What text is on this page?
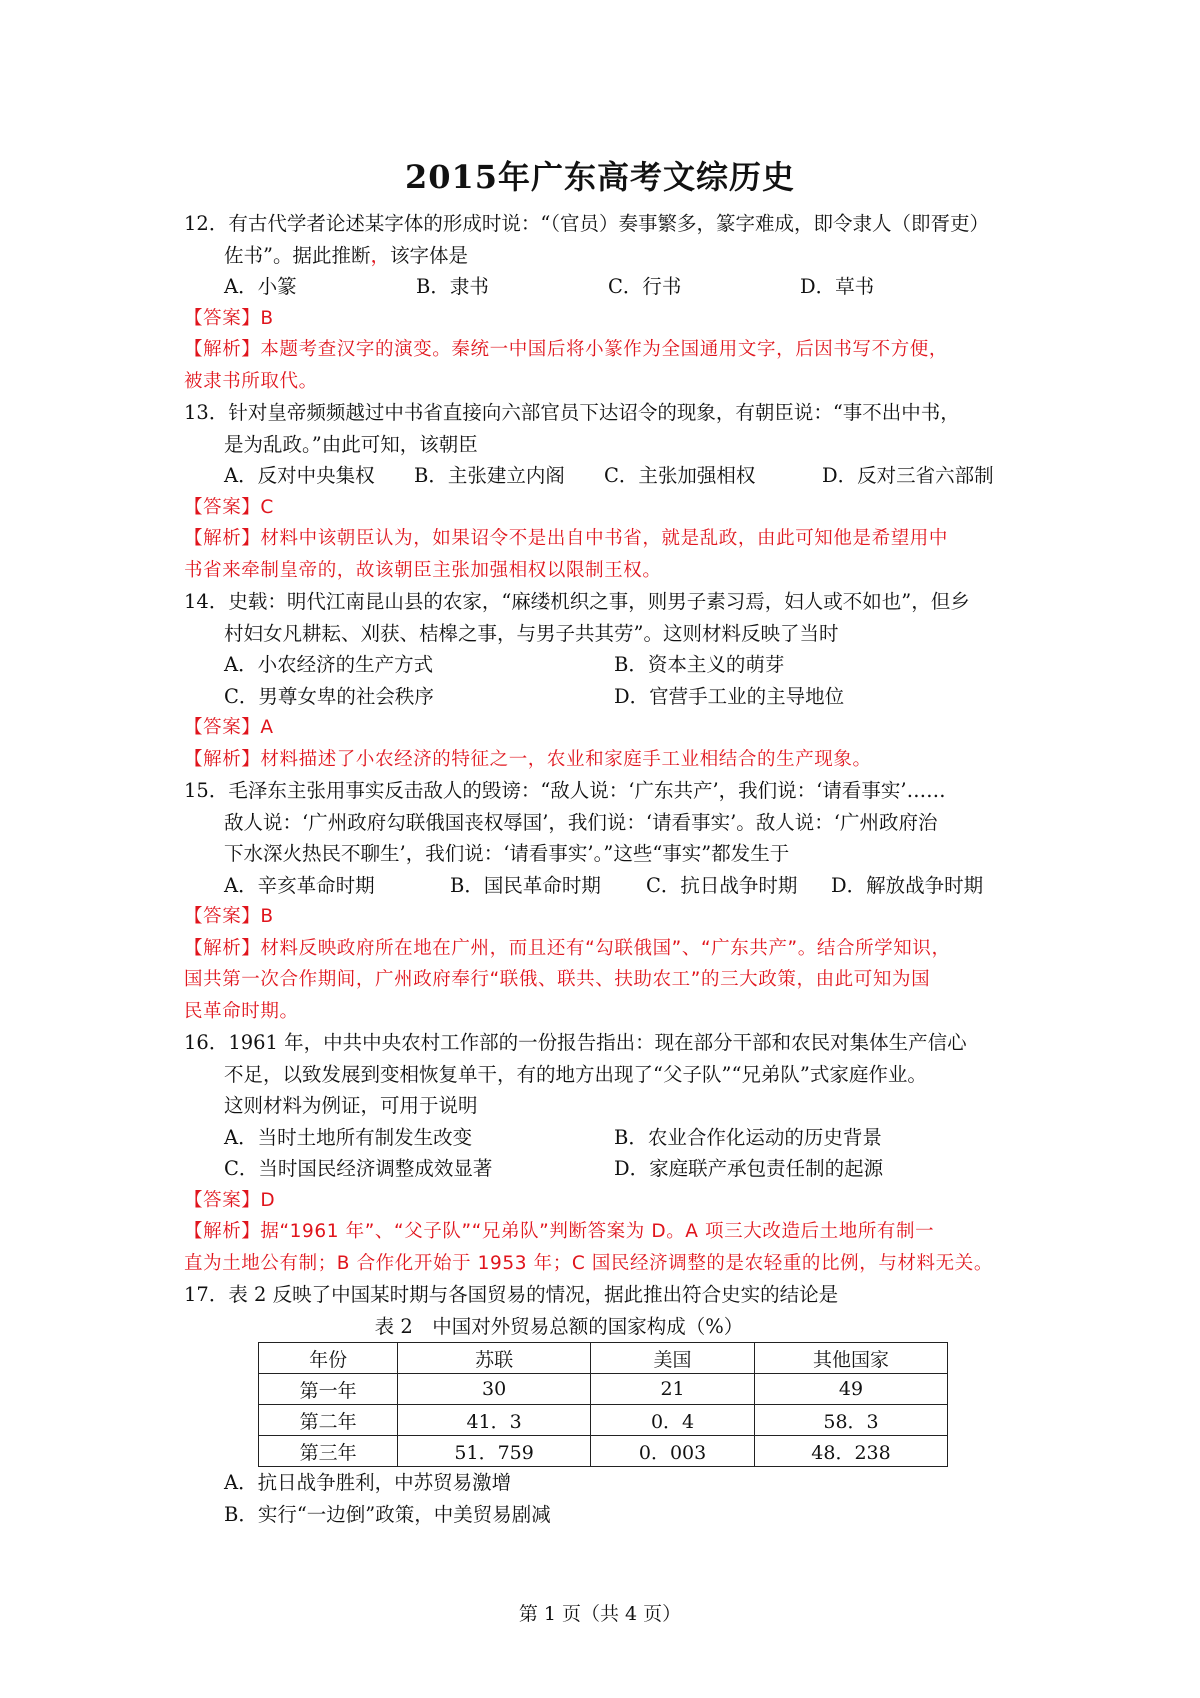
2015年广东高考文综历史
12．有古代学者论述某字体的形成时说：“（官员）奏事繁多，篆字难成，即令隶人（即胥吏）
佐书”。据此推断，该字体是
A．小篆	B．隶书	C．行书	D．草书
【答案】B
【解析】本题考查汉字的演变。秦统一中国后将小篆作为全国通用文字，后因书写不方便，
被隶书所取代。
13．针对皇帝频频越过中书省直接向六部官员下达诏令的现象，有朝臣说：“事不出中书，
是为乱政。”由此可知，该朝臣
A．反对中央集权	B．主张建立内阁	C．主张加强相权	D．反对三省六部制
【答案】C
【解析】材料中该朝臣认为，如果诏令不是出自中书省，就是乱政，由此可知他是希望用中
书省来牵制皇帝的，故该朝臣主张加强相权以限制王权。
14．史载：明代江南昆山县的农家，“麻缕机织之事，则男子素习焉，妇人或不如也”，但乡
村妇女凡耕耘、刈获、桔槔之事，与男子共其劳”。这则材料反映了当时
A．小农经济的生产方式	B．资本主义的萌芽
C．男尊女卑的社会秩序	D．官营手工业的主导地位
【答案】A
【解析】材料描述了小农经济的特征之一，农业和家庭手工业相结合的生产现象。
15．毛泽东主张用事实反击敌人的毁谤：“敌人说：‘广东共产’，我们说：‘请看事实’……
敌人说：‘广州政府勾联俄国丧权辱国’，我们说：‘请看事实’。敌人说：‘广州政府治
下水深火热民不聊生’，我们说：‘请看事实’。”这些“事实”都发生于
A．辛亥革命时期	B．国民革命时期	C．抗日战争时期	D．解放战争时期
【答案】B
【解析】材料反映政府所在地在广州，而且还有“勾联俄国”、“广东共产”。结合所学知识，
国共第一次合作期间，广州政府奉行“联俄、联共、扶助农工”的三大政策，由此可知为国
民革命时期。
16．1961 年，中共中央农村工作部的一份报告指出：现在部分干部和农民对集体生产信心
不足，以致发展到变相恢复单干，有的地方出现了“父子队”“兄弟队”式家庭作业。
这则材料为例证，可用于说明
A．当时土地所有制发生改变	B．农业合作化运动的历史背景
C．当时国民经济调整成效显著	D．家庭联产承包责任制的起源
【答案】D
【解析】据“1961 年”、“父子队”“兄弟队”判断答案为 D。A 项三大改造后土地所有制一
直为土地公有制；B 合作化开始于 1953 年；C 国民经济调整的是农轻重的比例，与材料无关。
17．表 2 反映了中国某时期与各国贸易的情况，据此推出符合史实的结论是
表 2　中国对外贸易总额的国家构成（%）
年份	苏联	美国	其他国家
第一年	30	21	49
第二年	41．3	0．4	58．3
第三年	51．759	0．003	48．238
A．抗日战争胜利，中苏贸易激增
B．实行“一边倒”政策，中美贸易剧减
第 1 页（共 4 页）
